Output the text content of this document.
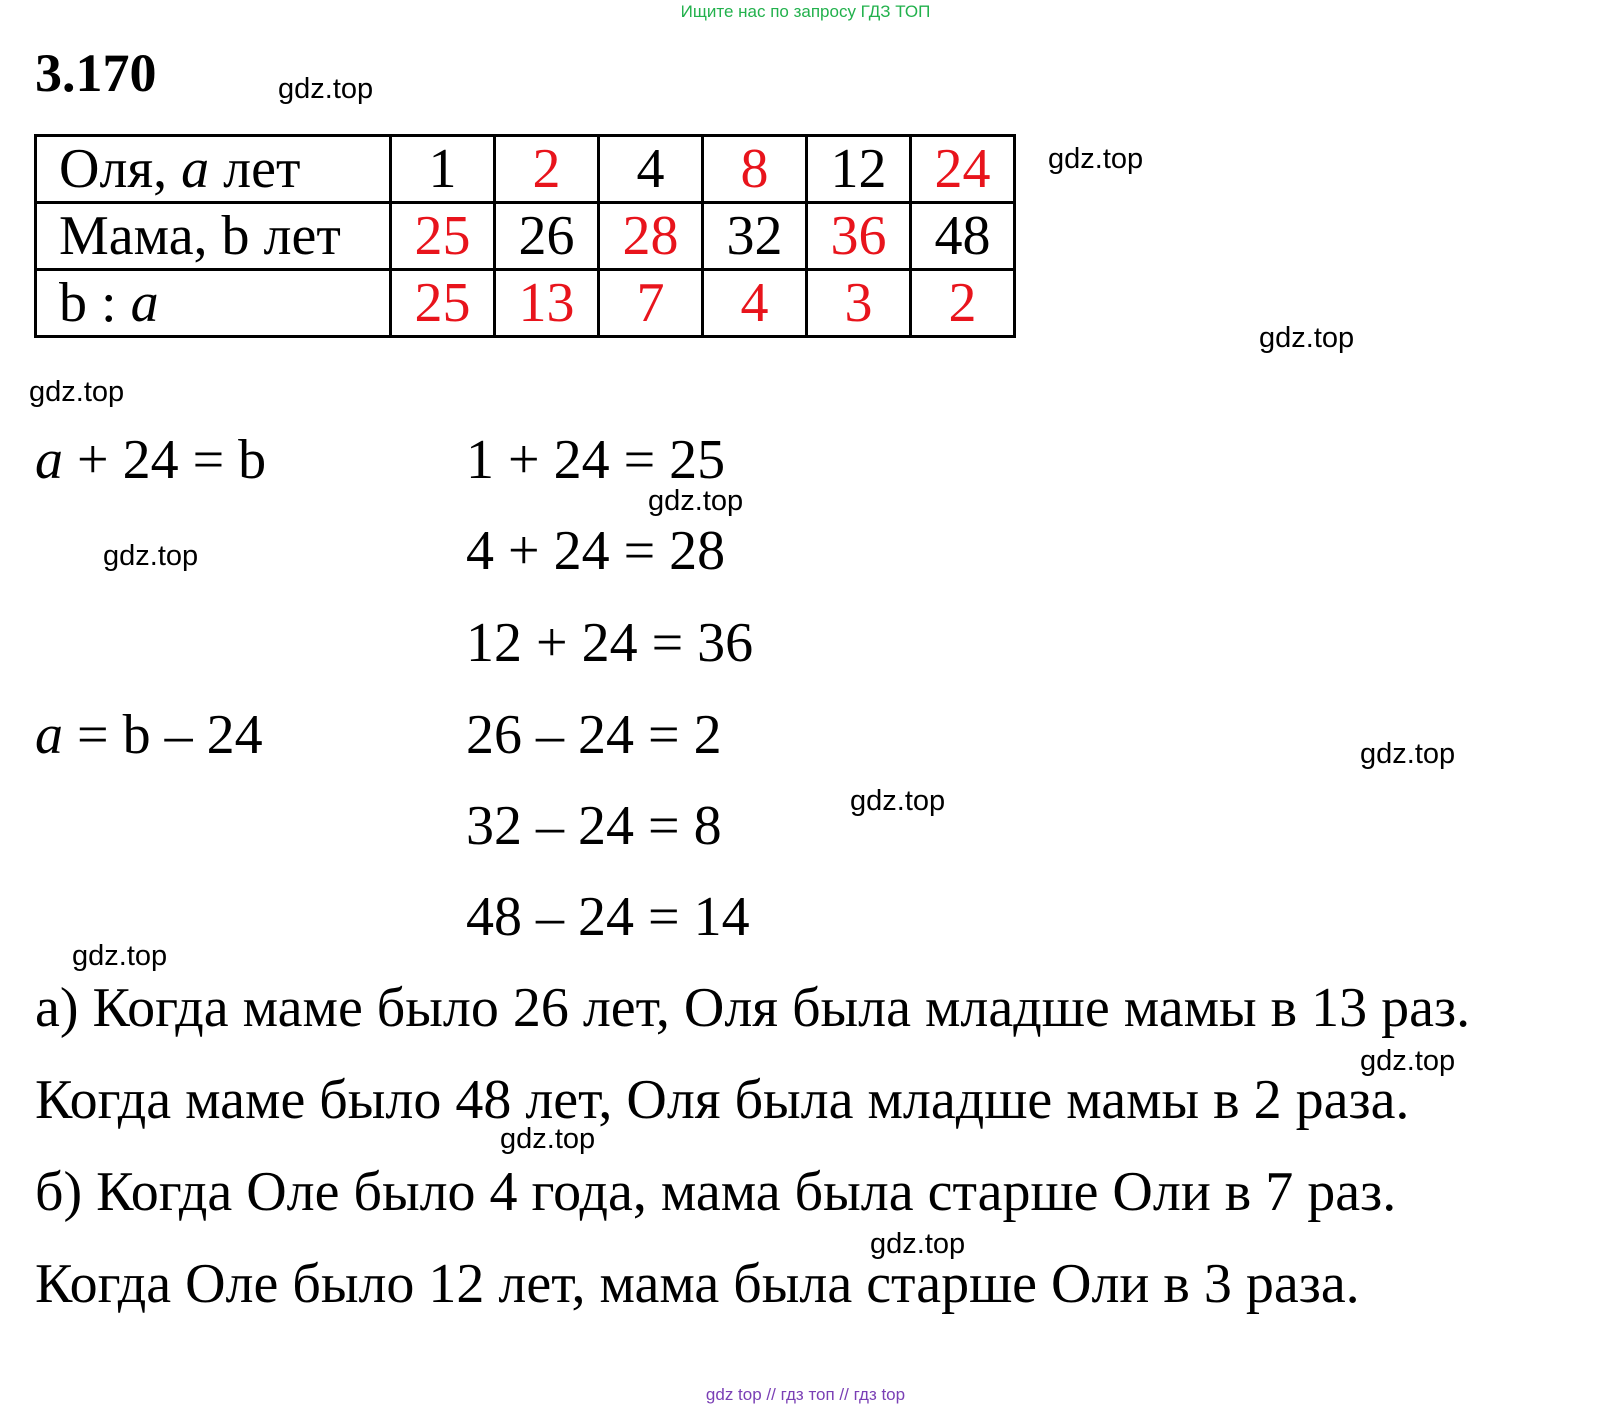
Ищите нас по запросу ГДЗ ТОП
3.170	gdz.top
gdz.top
gdz.top
gdz.top
gdz.top
gdz.top
gdz.top
gdz.top
gdz.top
gdz.top
gdz.top
gdz.top
Оля, a лет	1	2	4	8	12	24
Мама, b лет	25	26	28	32	36	48
b : a	25	13	7	4	3	2
a + 24 = b
a = b – 24
1 + 24 = 25
4 + 24 = 28
12 + 24 = 36
26 – 24 = 2
32 – 24 = 8
48 – 24 = 14
а) Когда маме было 26 лет, Оля была младше мамы в 13 раз.
Когда маме было 48 лет, Оля была младше мамы в 2 раза.
б) Когда Оле было 4 года, мама была старше Оли в 7 раз.
Когда Оле было 12 лет, мама была старше Оли в 3 раза.
gdz top // гдз топ // гдз top
